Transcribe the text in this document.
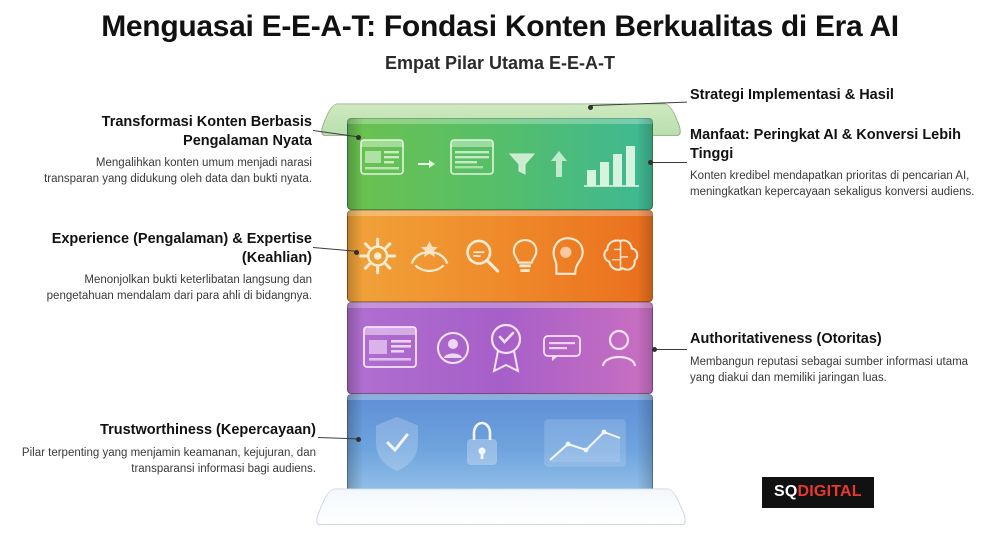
Menguasai E-E-A-T: Fondasi Konten Berkualitas di Era AI
Empat Pilar Utama E-E-A-T
Strategi Implementasi & Hasil
Manfaat: Peringkat AI & Konversi Lebih Tinggi
Konten kredibel mendapatkan prioritas di pencarian AI, meningkatkan kepercayaan sekaligus konversi audiens.
Authoritativeness (Otoritas)
Membangun reputasi sebagai sumber informasi utama yang diakui dan memiliki jaringan luas.
Transformasi Konten Berbasis Pengalaman Nyata
Mengalihkan konten umum menjadi narasi transparan yang didukung oleh data dan bukti nyata.
Experience (Pengalaman) & Expertise (Keahlian)
Menonjolkan bukti keterlibatan langsung dan pengetahuan mendalam dari para ahli di bidangnya.
Trustworthiness (Kepercayaan)
Pilar terpenting yang menjamin keamanan, kejujuran, dan transparansi informasi bagi audiens.
SQDIGITAL
